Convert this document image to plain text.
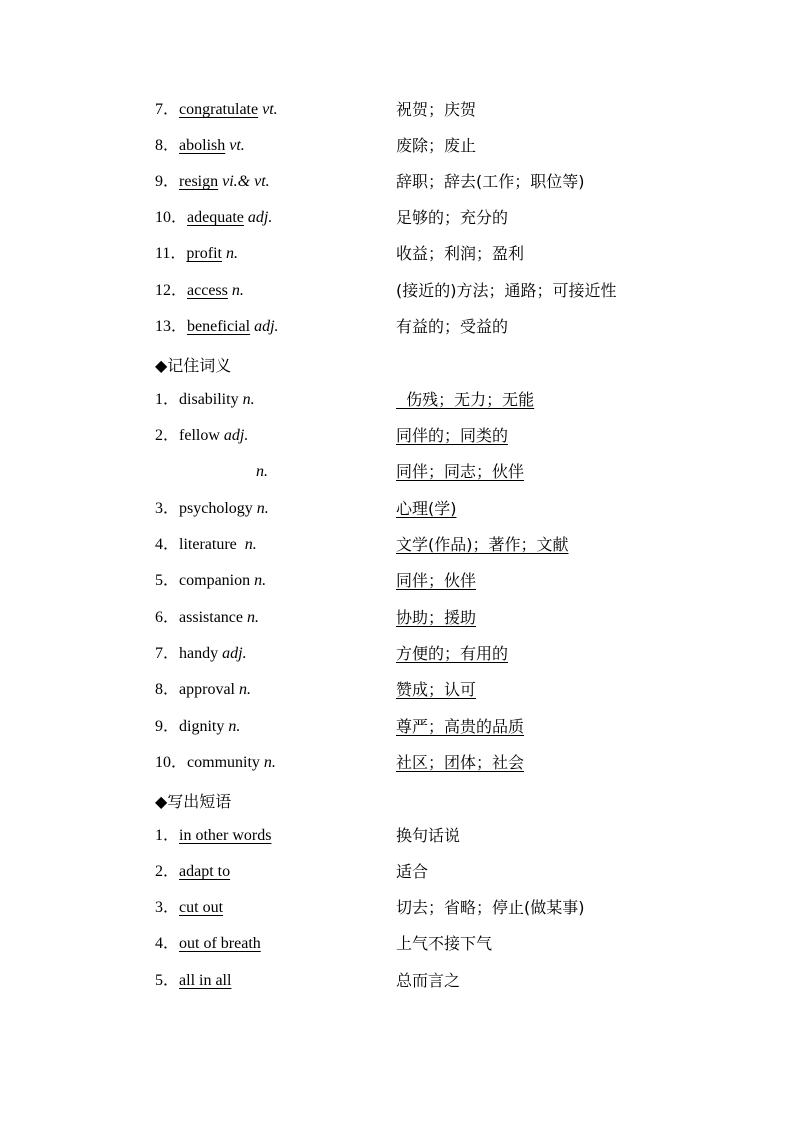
7．congratulate vt.	祝贺；庆贺
8．abolish vt.	废除；废止
9．resign vi.& vt.	辞职；辞去(工作；职位等)
10．adequate adj.	足够的；充分的
11．profit n.	收益；利润；盈利
12．access n.	(接近的)方法；通路；可接近性
13．beneficial adj.	有益的；受益的
◆记住词义
1．disability n.	伤残；无力；无能
2．fellow adj.	同伴的；同类的
n.	同伴；同志；伙伴
3．psychology n.	心理(学)
4．literature  n.	文学(作品)；著作；文献
5．companion n.	同伴；伙伴
6．assistance n.	协助；援助
7．handy adj.	方便的；有用的
8．approval n.	赞成；认可
9．dignity n.	尊严；高贵的品质
10．community n.	社区；团体；社会
◆写出短语
1．in other words	换句话说
2．adapt to	适合
3．cut out	切去；省略；停止(做某事)
4．out of breath	上气不接下气
5．all in all	总而言之
